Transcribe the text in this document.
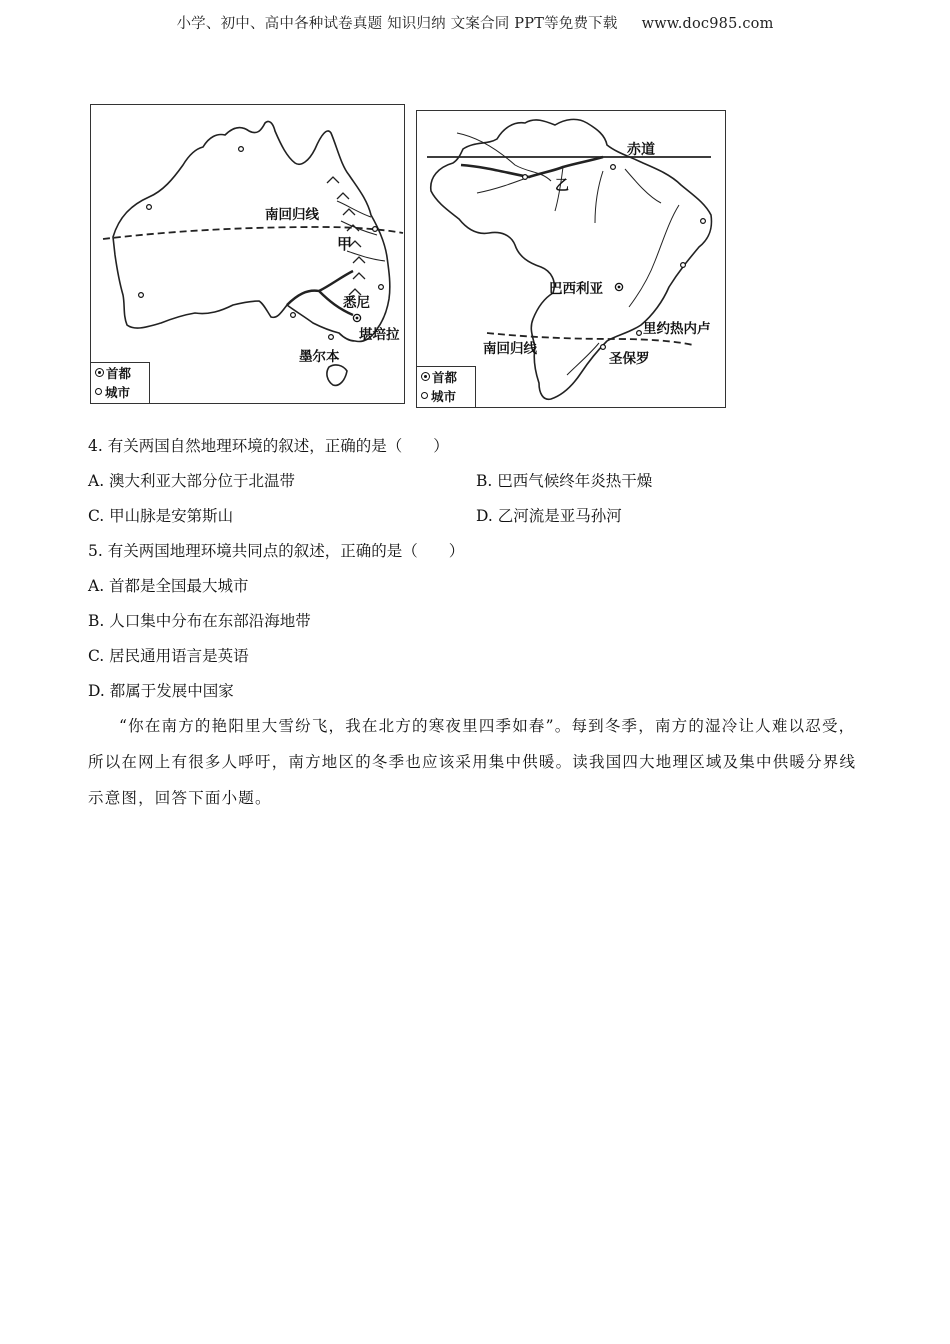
小学、初中、高中各种试卷真题 知识归纳 文案合同 PPT等免费下载 www.doc985.com
南回归线
甲
悉尼
堪培拉
墨尔本
首都
城市
赤道
乙
巴西利亚
里约热内卢
南回归线
圣保罗
首都
城市
4. 有关两国自然地理环境的叙述，正确的是（　　）
A. 澳大利亚大部分位于北温带	B. 巴西气候终年炎热干燥
C. 甲山脉是安第斯山	D. 乙河流是亚马孙河
5. 有关两国地理环境共同点的叙述，正确的是（　　）
A. 首都是全国最大城市
B. 人口集中分布在东部沿海地带
C. 居民通用语言是英语
D. 都属于发展中国家

“你在南方的艳阳里大雪纷飞，我在北方的寒夜里四季如春”。每到冬季，南方的湿冷让人难以忍受，所以在网上有很多人呼吁，南方地区的冬季也应该采用集中供暖。读我国四大地理区域及集中供暖分界线示意图，回答下面小题。
